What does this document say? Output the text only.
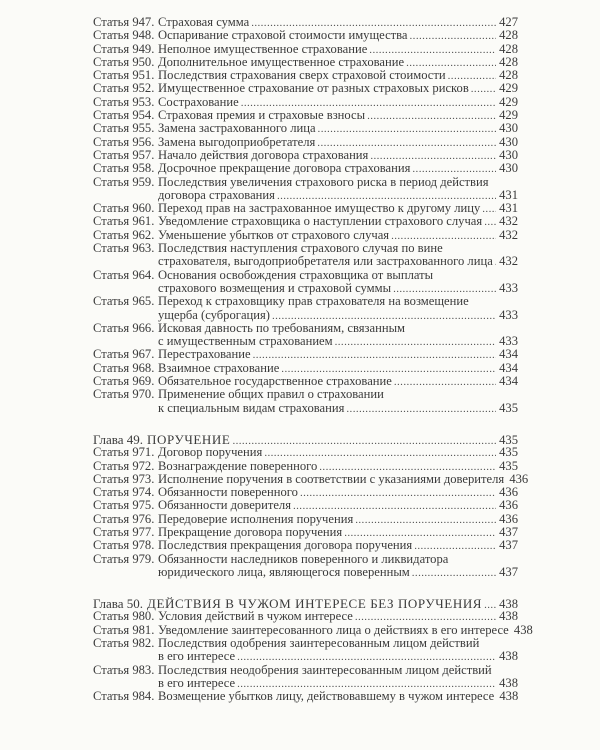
Статья 947. Страховая сумма .....	427
Статья 948. Оспаривание страховой стоимости имущества .....	428
Статья 949. Неполное имущественное страхование .....	428
Статья 950. Дополнительное имущественное страхование .....	428
Статья 951. Последствия страхования сверх страховой стоимости .....	428
Статья 952. Имущественное страхование от разных страховых рисков ..... 429
Статья 953. Сострахование .....	429
Статья 954. Страховая премия и страховые взносы .....	429
Статья 955. Замена застрахованного лица .....	430
Статья 956. Замена выгодоприобретателя .....	430
Статья 957. Начало действия договора страхования .....	430
Статья 958. Досрочное прекращение договора страхования .....	430
Статья 959. Последствия увеличения страхового риска в период действия
договора страхования .....	431
Статья 960. Переход прав на застрахованное имущество к другому лицу ..... 431
Статья 961. Уведомление страховщика о наступлении страхового случая ..... 432
Статья 962. Уменьшение убытков от страхового случая .....	432
Статья 963. Последствия наступления страхового случая по вине
страхователя, выгодоприобретателя или застрахованного лица ..... 432
Статья 964. Основания освобождения страховщика от выплаты
страхового возмещения и страховой суммы .....	433
Статья 965. Переход к страховщику прав страхователя на возмещение
ущерба (суброгация) .....	433
Статья 966. Исковая давность по требованиям, связанным
с имущественным страхованием .....	433
Статья 967. Перестрахование .....	434
Статья 968. Взаимное страхование .....	434
Статья 969. Обязательное государственное страхование .....	434
Статья 970. Применение общих правил о страховании
к специальным видам страхования .....	435
Глава 49. ПОРУЧЕНИЕ .....	435
Статья 971. Договор поручения .....	435
Статья 972. Вознаграждение поверенного .....	435
Статья 973. Исполнение поручения в соответствии с указаниями доверителя 436
Статья 974. Обязанности поверенного .....	436
Статья 975. Обязанности доверителя .....	436
Статья 976. Передоверие исполнения поручения .....	436
Статья 977. Прекращение договора поручения .....	437
Статья 978. Последствия прекращения договора поручения .....	437
Статья 979. Обязанности наследников поверенного и ликвидатора
юридического лица, являющегося поверенным .....	437
Глава 50. ДЕЙСТВИЯ В ЧУЖОМ ИНТЕРЕСЕ БЕЗ ПОРУЧЕНИЯ ..... 438
Статья 980. Условия действий в чужом интересе .....	438
Статья 981. Уведомление заинтересованного лица о действиях в его интересе 438
Статья 982. Последствия одобрения заинтересованным лицом действий
в его интересе .....	438
Статья 983. Последствия неодобрения заинтересованным лицом действий
в его интересе .....	438
Статья 984. Возмещение убытков лицу, действовавшему в чужом интересе 438
